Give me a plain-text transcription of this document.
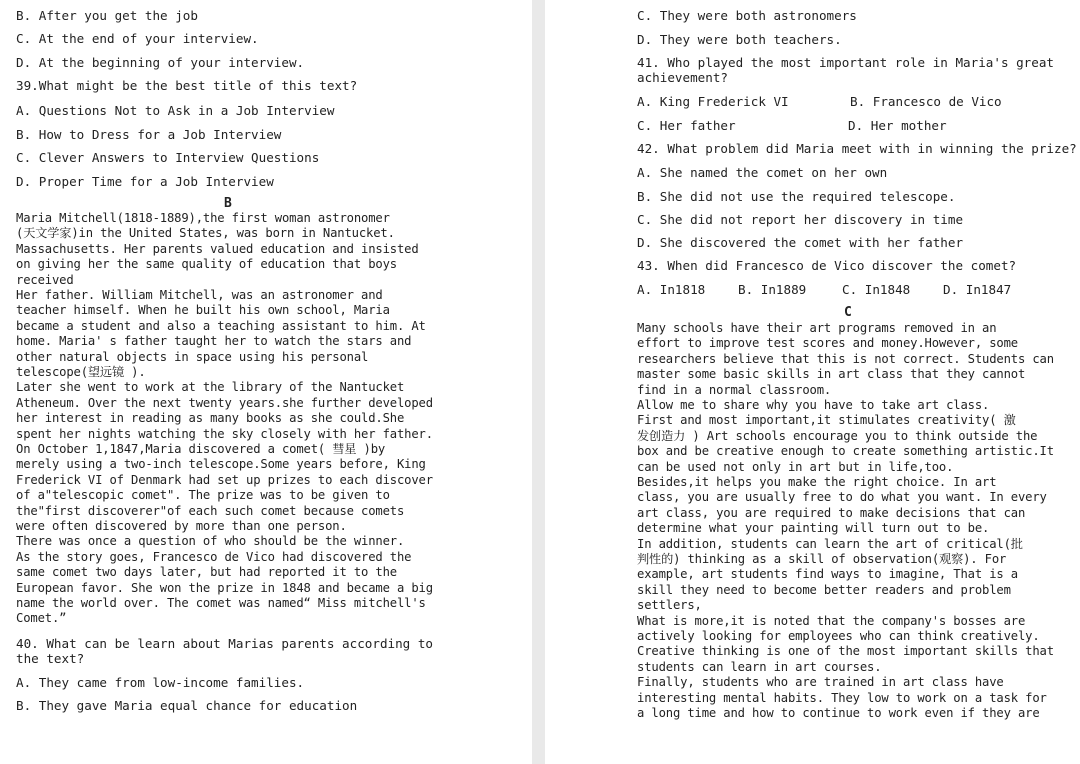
B. After you get the job
C. At the end of your interview.
D. At the beginning of your interview.
39.What might be the best title of this text?
A. Questions Not to Ask in a Job Interview
B. How to Dress for a Job Interview
C. Clever Answers to Interview Questions
D. Proper Time for a Job Interview
B
Maria Mitchell(1818-1889),the first woman astronomer
(天文学家)in the United States, was born in Nantucket.
Massachusetts. Her parents valued education and insisted
on giving her the same quality of education that boys
received
Her father. William Mitchell, was an astronomer and
teacher himself. When he built his own school, Maria
became a student and also a teaching assistant to him. At
home. Maria' s father taught her to watch the stars and
other natural objects in space using his personal
telescope(望远镜 ).
Later she went to work at the library of the Nantucket
Atheneum. Over the next twenty years.she further developed
her interest in reading as many books as she could.She
spent her nights watching the sky closely with her father.
On October 1,1847,Maria discovered a comet( 彗星 )by
merely using a two-inch telescope.Some years before, King
Frederick VI of Denmark had set up prizes to each discover
of a"telescopic comet". The prize was to be given to
the"first discoverer"of each such comet because comets
were often discovered by more than one person.
There was once a question of who should be the winner.
As the story goes, Francesco de Vico had discovered the
same comet two days later, but had reported it to the
European favor. She won the prize in 1848 and became a big
name the world over. The comet was named“ Miss mitchell's
Comet.”
40. What can be learn about Marias parents according to
the text?
A. They came from low-income families.
B. They gave Maria equal chance for education
C. They were both astronomers
D. They were both teachers.
41. Who played the most important role in Maria's great
achievement?
A. King Frederick VI	B. Francesco de Vico
C. Her father	D. Her mother
42. What problem did Maria meet with in winning the prize?
A. She named the comet on her own
B. She did not use the required telescope.
C. She did not report her discovery in time
D. She discovered the comet with her father
43. When did Francesco de Vico discover the comet?
A. In1818	B. In1889	C. In1848	D. In1847
C
Many schools have their art programs removed in an
effort to improve test scores and money.However, some
researchers believe that this is not correct. Students can
master some basic skills in art class that they cannot
find in a normal classroom.
Allow me to share why you have to take art class.
First and most important,it stimulates creativity( 激
发创造力 ) Art schools encourage you to think outside the
box and be creative enough to create something artistic.It
can be used not only in art but in life,too.
Besides,it helps you make the right choice. In art
class, you are usually free to do what you want. In every
art class, you are required to make decisions that can
determine what your painting will turn out to be.
In addition, students can learn the art of critical(批
判性的) thinking as a skill of observation(观察). For
example, art students find ways to imagine, That is a
skill they need to become better readers and problem
settlers,
What is more,it is noted that the company's bosses are
actively looking for employees who can think creatively.
Creative thinking is one of the most important skills that
students can learn in art courses.
Finally, students who are trained in art class have
interesting mental habits. They low to work on a task for
a long time and how to continue to work even if they are
